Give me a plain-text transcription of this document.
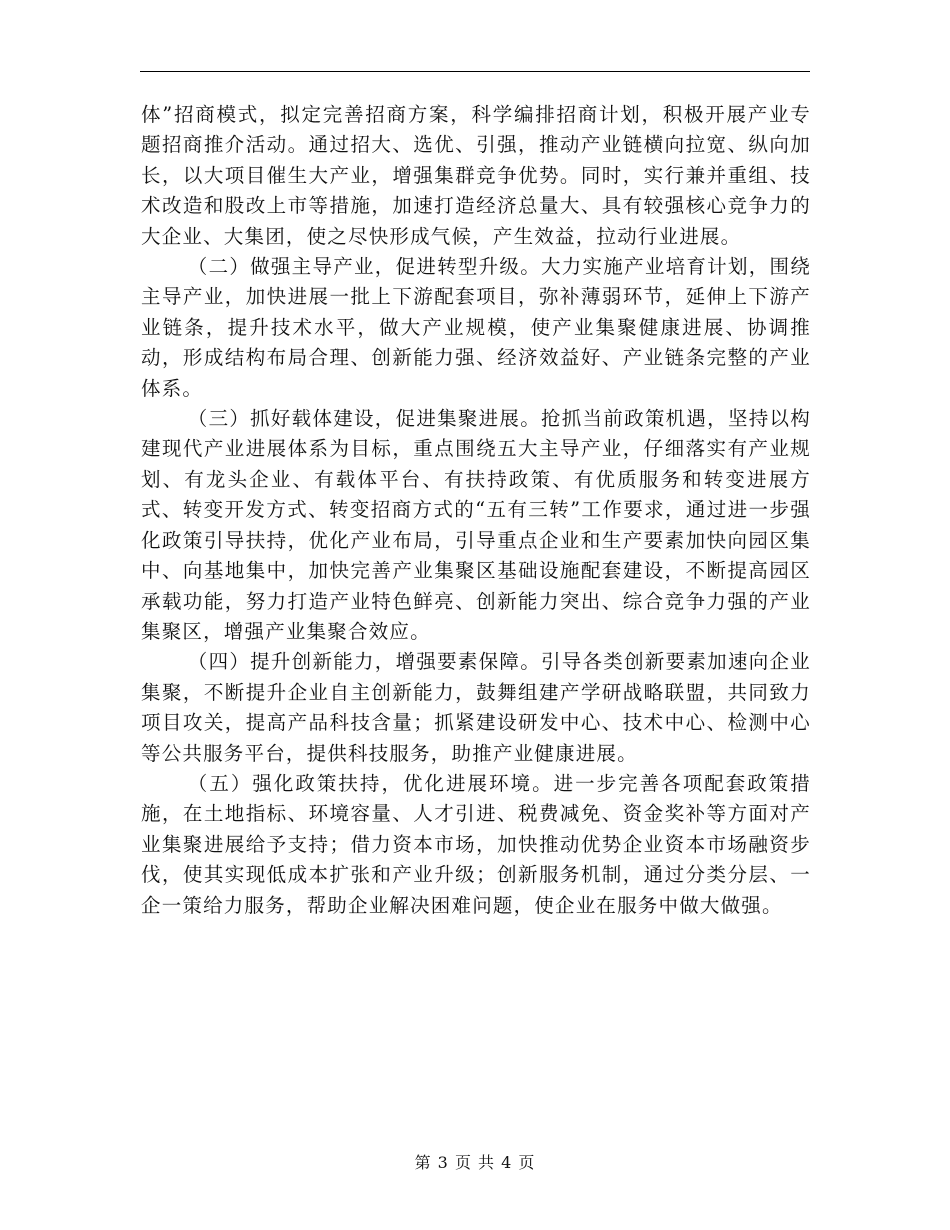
体”招商模式，拟定完善招商方案，科学编排招商计划，积极开展产业专题招商推介活动。通过招大、选优、引强，推动产业链横向拉宽、纵向加长，以大项目催生大产业，增强集群竞争优势。同时，实行兼并重组、技术改造和股改上市等措施，加速打造经济总量大、具有较强核心竞争力的大企业、大集团，使之尽快形成气候，产生效益，拉动行业进展。

（二）做强主导产业，促进转型升级。大力实施产业培育计划，围绕主导产业，加快进展一批上下游配套项目，弥补薄弱环节，延伸上下游产业链条，提升技术水平，做大产业规模，使产业集聚健康进展、协调推动，形成结构布局合理、创新能力强、经济效益好、产业链条完整的产业体系。

（三）抓好载体建设，促进集聚进展。抢抓当前政策机遇，坚持以构建现代产业进展体系为目标，重点围绕五大主导产业，仔细落实有产业规划、有龙头企业、有载体平台、有扶持政策、有优质服务和转变进展方式、转变开发方式、转变招商方式的“五有三转”工作要求，通过进一步强化政策引导扶持，优化产业布局，引导重点企业和生产要素加快向园区集中、向基地集中，加快完善产业集聚区基础设施配套建设，不断提高园区承载功能，努力打造产业特色鲜亮、创新能力突出、综合竞争力强的产业集聚区，增强产业集聚合效应。

（四）提升创新能力，增强要素保障。引导各类创新要素加速向企业集聚，不断提升企业自主创新能力，鼓舞组建产学研战略联盟，共同致力项目攻关，提高产品科技含量；抓紧建设研发中心、技术中心、检测中心等公共服务平台，提供科技服务，助推产业健康进展。

（五）强化政策扶持，优化进展环境。进一步完善各项配套政策措施，在土地指标、环境容量、人才引进、税费减免、资金奖补等方面对产业集聚进展给予支持；借力资本市场，加快推动优势企业资本市场融资步伐，使其实现低成本扩张和产业升级；创新服务机制，通过分类分层、一企一策给力服务，帮助企业解决困难问题，使企业在服务中做大做强。

第 3 页 共 4 页
